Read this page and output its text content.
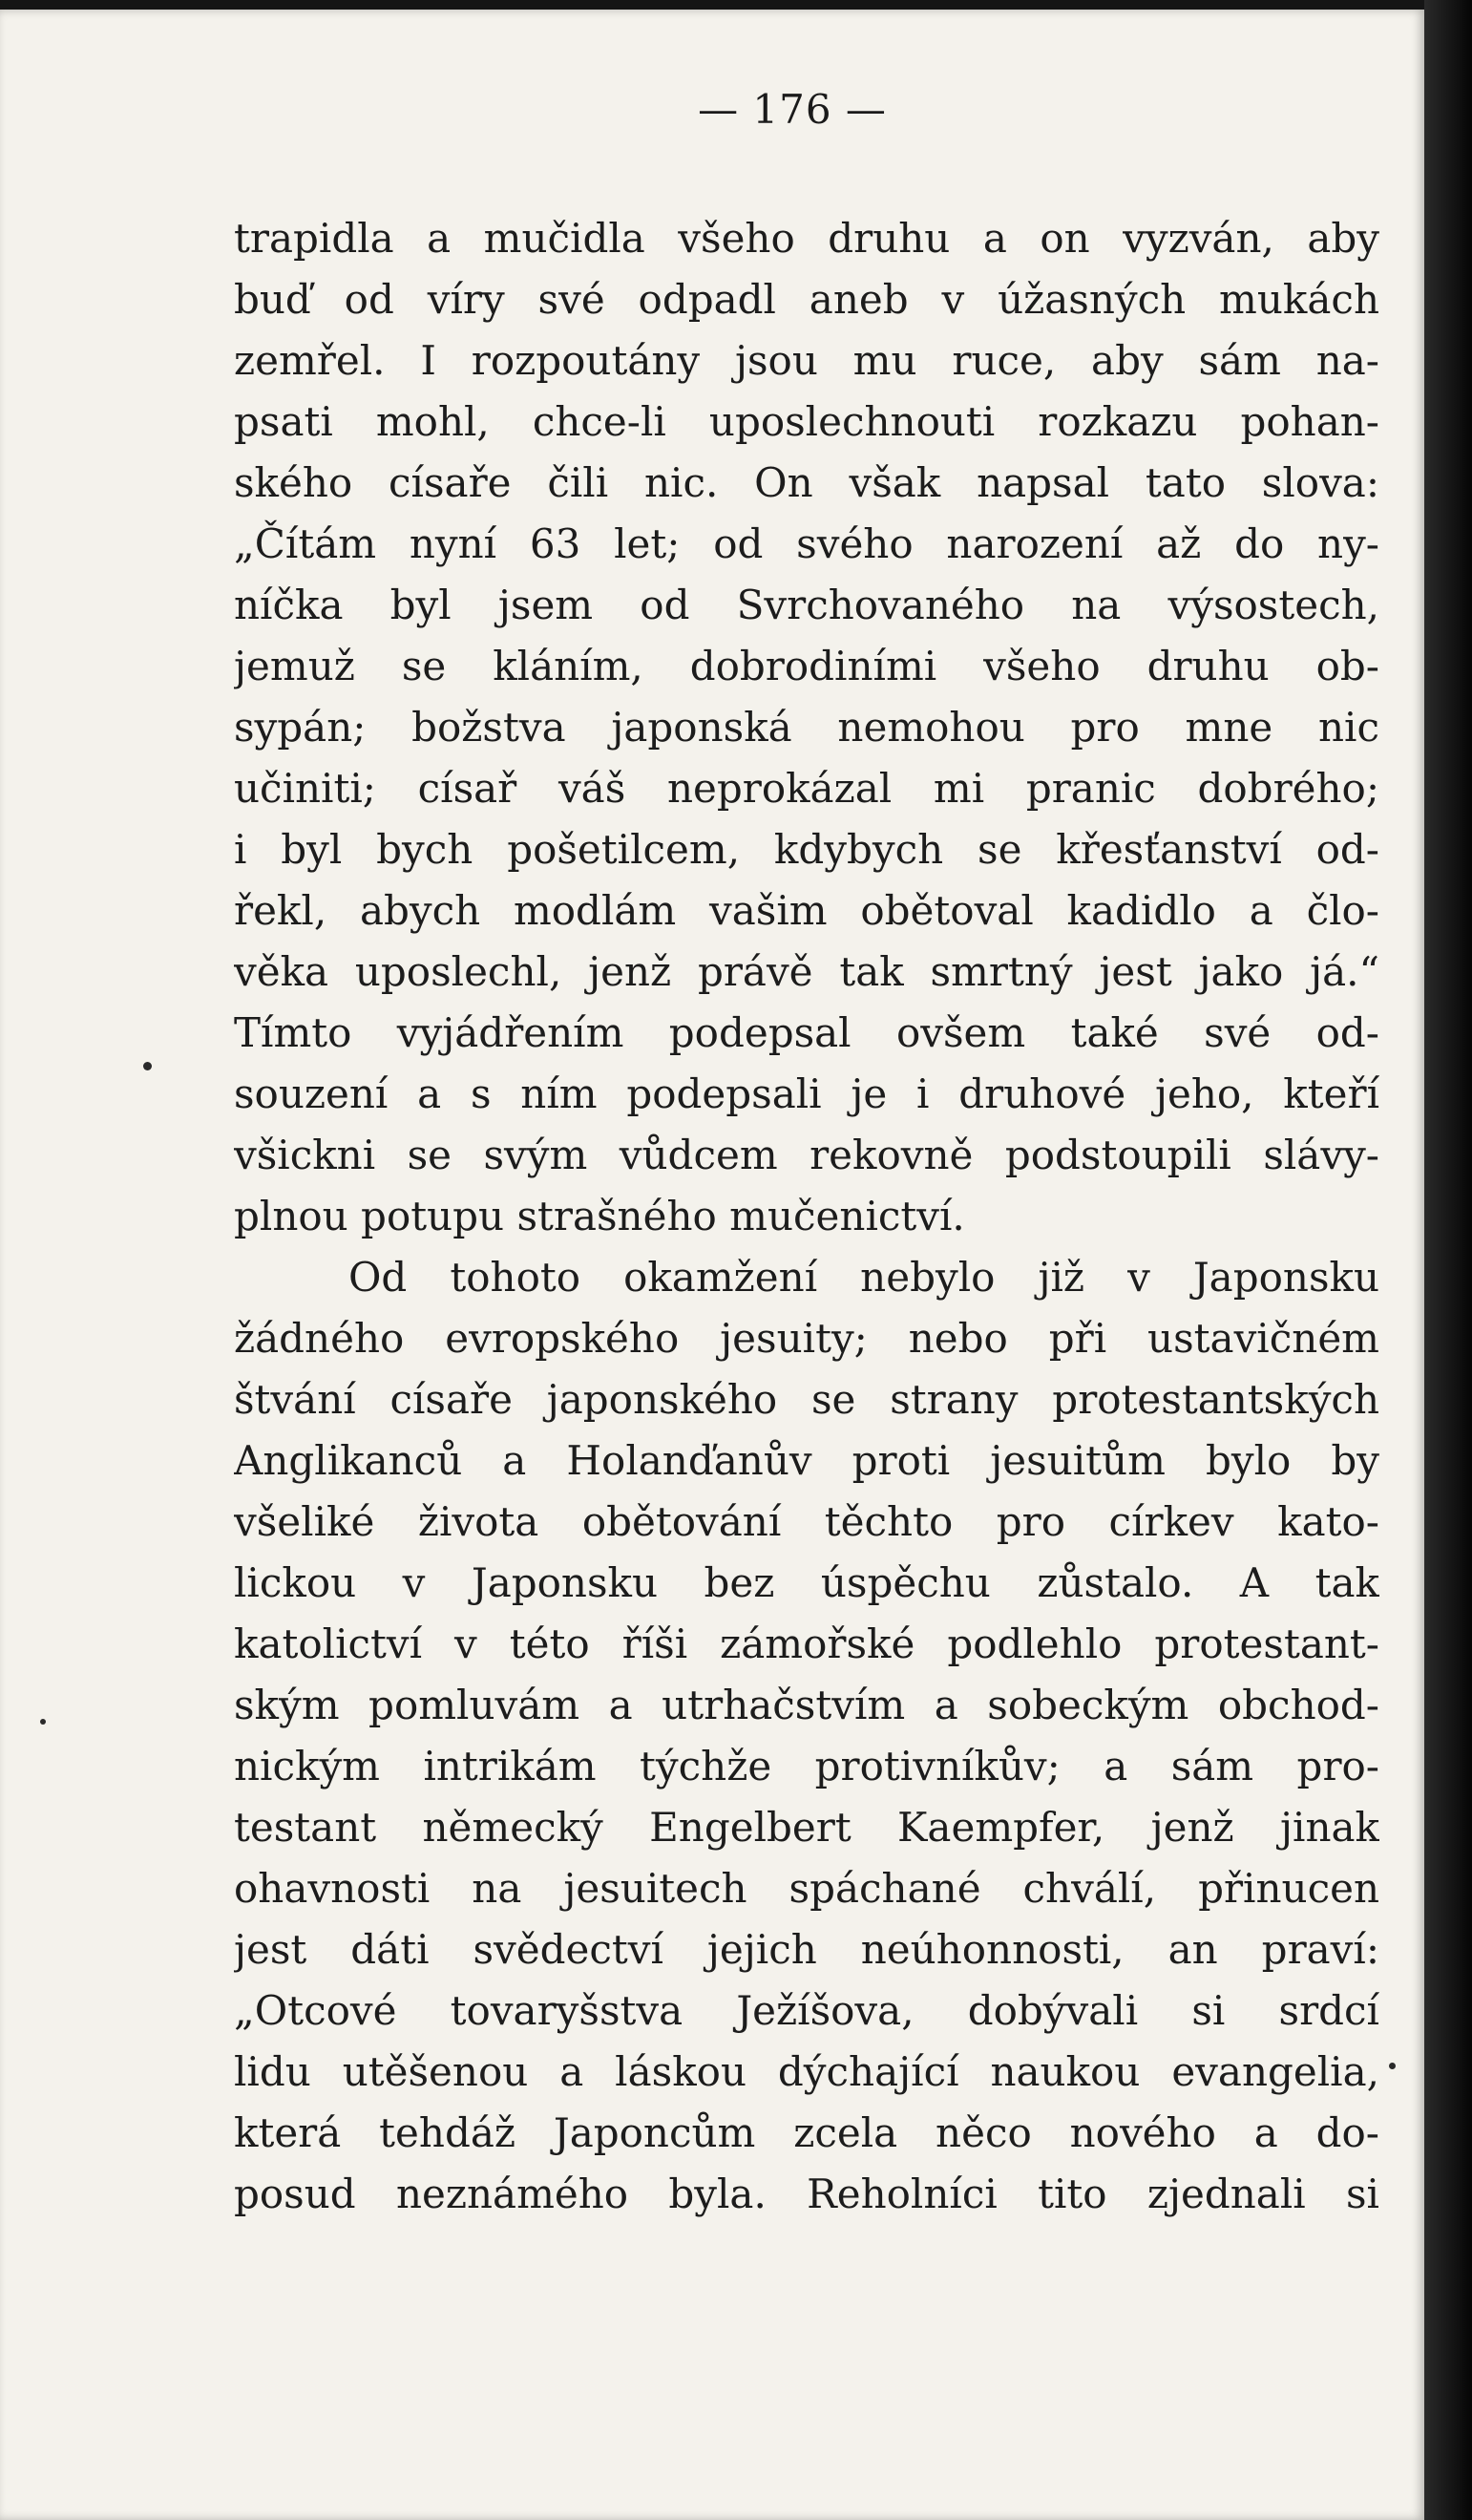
— 176 —
trapidla a mučidla všeho druhu a on vyzván, aby
buď od víry své odpadl aneb v úžasných mukách
zemřel. I rozpoutány jsou mu ruce, aby sám na-
psati mohl, chce-li uposlechnouti rozkazu pohan-
ského císaře čili nic. On však napsal tato slova:
„Čítám nyní 63 let; od svého narození až do ny-
níčka byl jsem od Svrchovaného na výsostech,
jemuž se kláním, dobrodiními všeho druhu ob-
sypán; božstva japonská nemohou pro mne nic
učiniti; císař váš neprokázal mi pranic dobrého;
i byl bych pošetilcem, kdybych se křesťanství od-
řekl, abych modlám vašim obětoval kadidlo a člo-
věka uposlechl, jenž právě tak smrtný jest jako já.“
Tímto vyjádřením podepsal ovšem také své od-
souzení a s ním podepsali je i druhové jeho, kteří
všickni se svým vůdcem rekovně podstoupili slávy-
plnou potupu strašného mučenictví.
Od tohoto okamžení nebylo již v Japonsku
žádného evropského jesuity; nebo při ustavičném
štvání císaře japonského se strany protestantských
Anglikanců a Holanďanův proti jesuitům bylo by
všeliké života obětování těchto pro církev kato-
lickou v Japonsku bez úspěchu zůstalo. A tak
katolictví v této říši zámořské podlehlo protestant-
ským pomluvám a utrhačstvím a sobeckým obchod-
nickým intrikám týchže protivníkův; a sám pro-
testant německý Engelbert Kaempfer, jenž jinak
ohavnosti na jesuitech spáchané chválí, přinucen
jest dáti svědectví jejich neúhonnosti, an praví:
„Otcové tovaryšstva Ježíšova, dobývali si srdcí
lidu utěšenou a láskou dýchající naukou evangelia,
která tehdáž Japoncům zcela něco nového a do-
posud neznámého byla. Reholníci tito zjednali si
